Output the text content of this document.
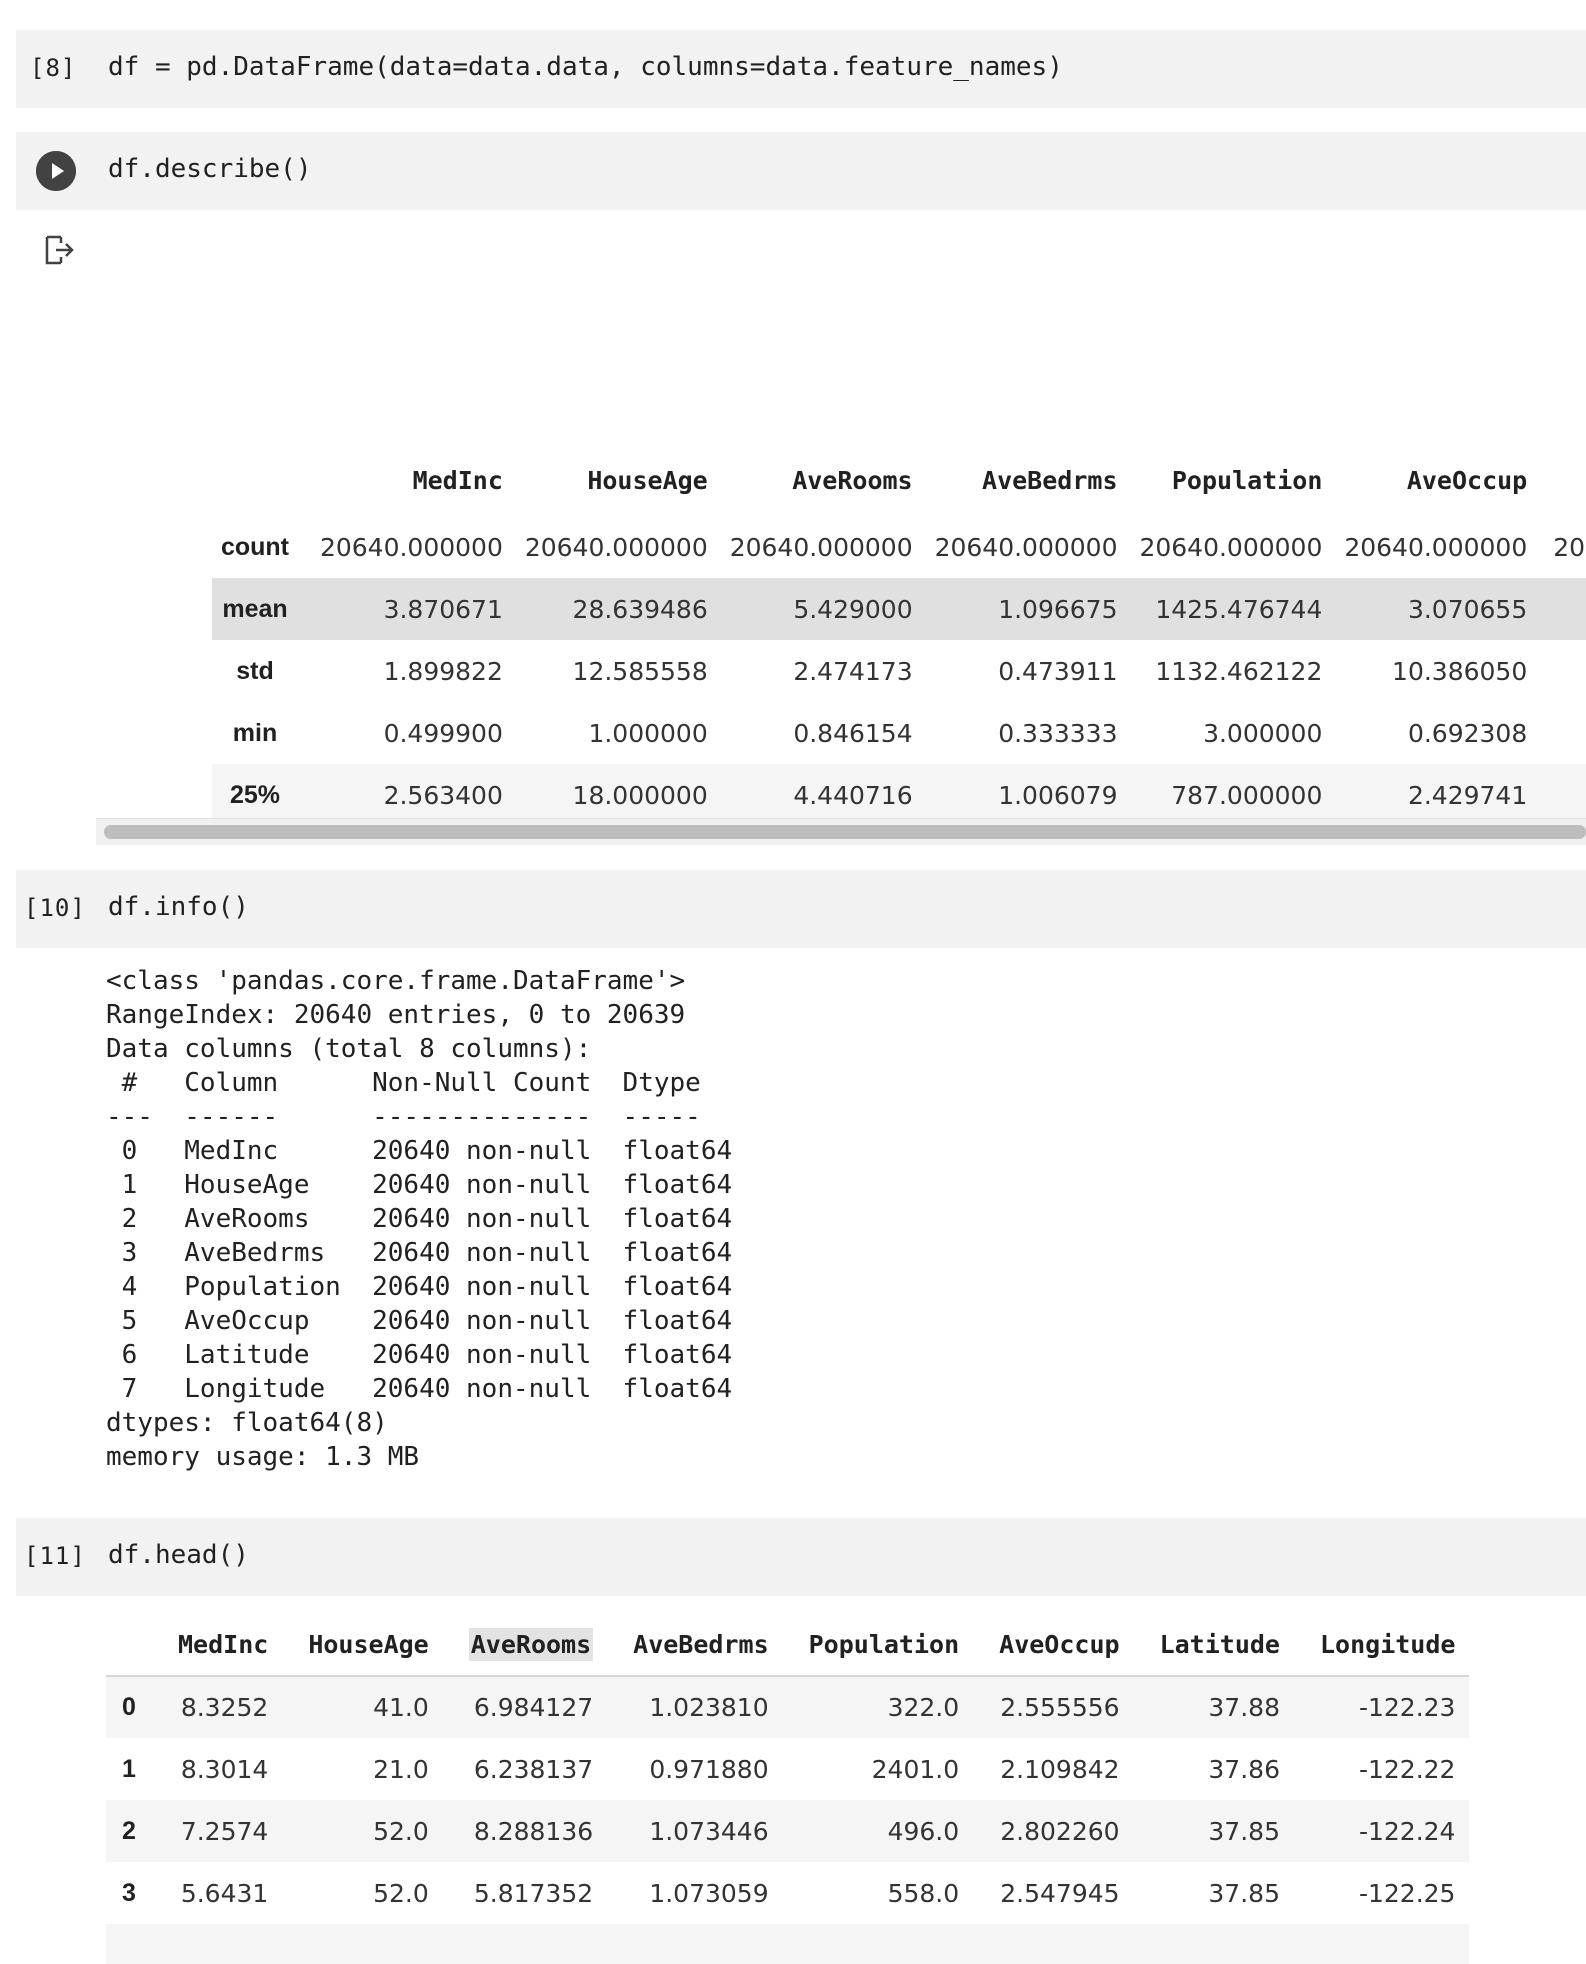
[8] df = pd.DataFrame(data=data.data, columns=data.feature_names)
df.describe()
	MedInc	HouseAge	AveRooms	AveBedrms	Population	AveOccup	
count	20640.000000	20640.000000	20640.000000	20640.000000	20640.000000	20640.000000	20
mean	3.870671	28.639486	5.429000	1.096675	1425.476744	3.070655	
std	1.899822	12.585558	2.474173	0.473911	1132.462122	10.386050	
min	0.499900	1.000000	0.846154	0.333333	3.000000	0.692308	
25%	2.563400	18.000000	4.440716	1.006079	787.000000	2.429741	

[10] df.info()
<class 'pandas.core.frame.DataFrame'>
RangeIndex: 20640 entries, 0 to 20639
Data columns (total 8 columns):
#   Column      Non-Null Count  Dtype
---  ------      --------------  -----
0   MedInc      20640 non-null  float64
1   HouseAge    20640 non-null  float64
2   AveRooms    20640 non-null  float64
3   AveBedrms   20640 non-null  float64
4   Population  20640 non-null  float64
5   AveOccup    20640 non-null  float64
6   Latitude    20640 non-null  float64
7   Longitude   20640 non-null  float64
dtypes: float64(8)
memory usage: 1.3 MB
[11] df.head()
	MedInc	HouseAge	AveRooms	AveBedrms	Population	AveOccup	Latitude	Longitude
0	8.3252	41.0	6.984127	1.023810	322.0	2.555556	37.88	-122.23
1	8.3014	21.0	6.238137	0.971880	2401.0	2.109842	37.86	-122.22
2	7.2574	52.0	8.288136	1.073446	496.0	2.802260	37.85	-122.24
3	5.6431	52.0	5.817352	1.073059	558.0	2.547945	37.85	-122.25
